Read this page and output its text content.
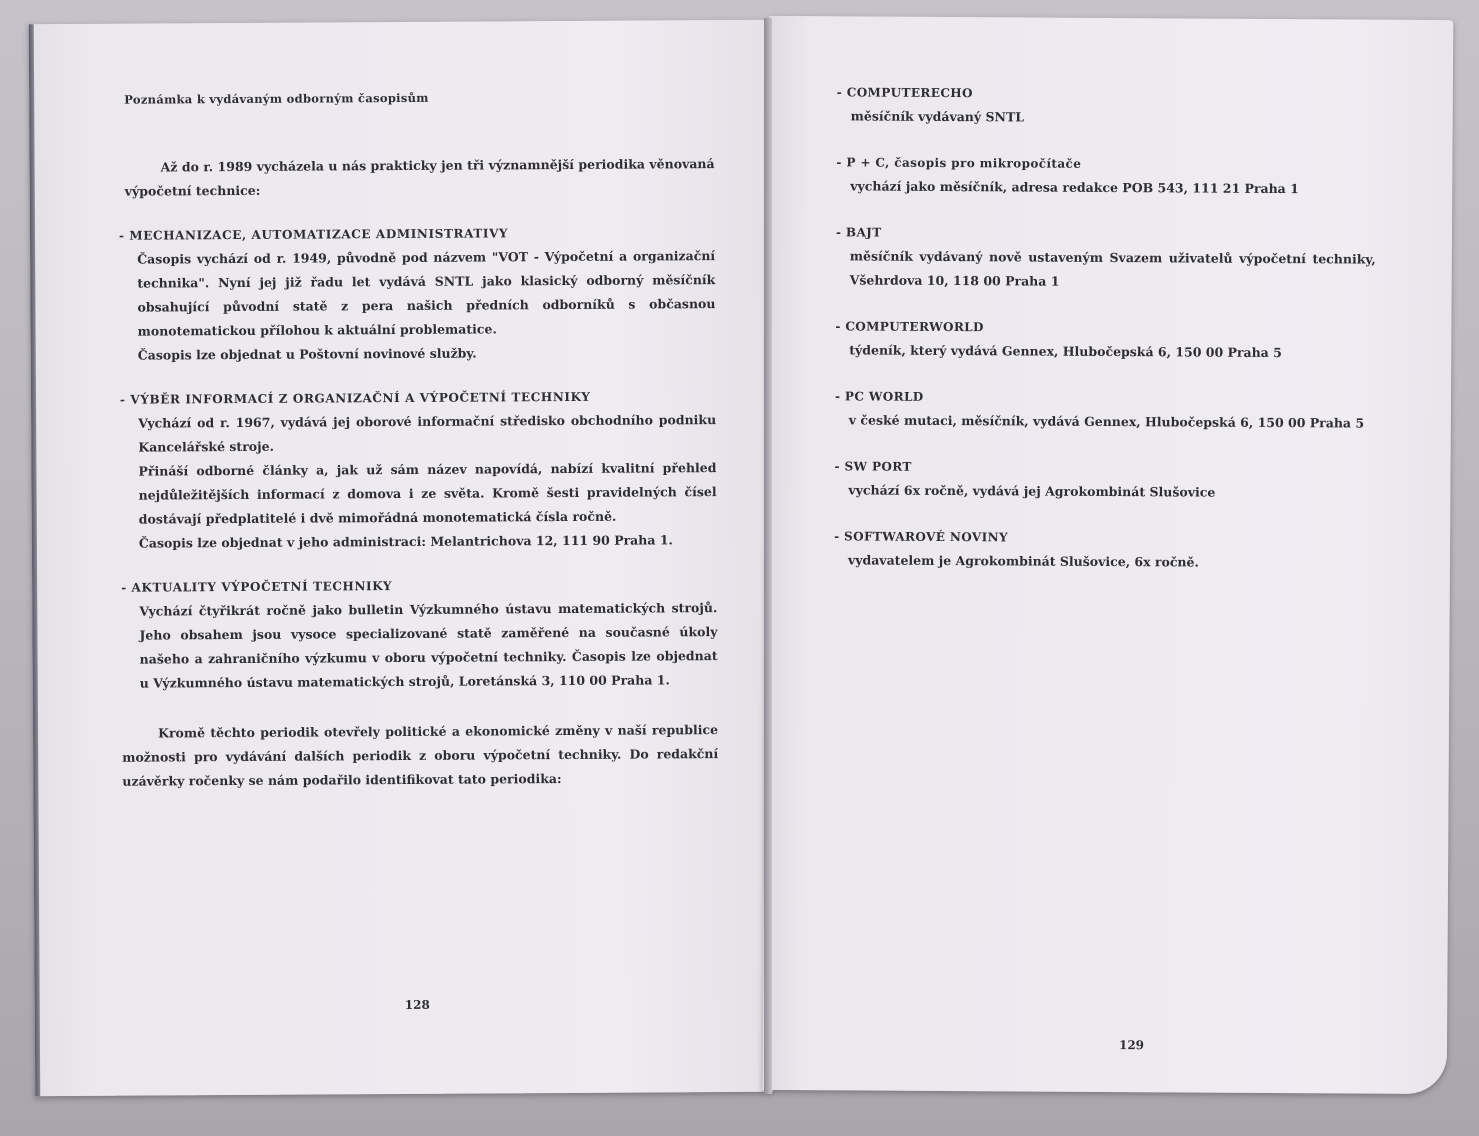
Poznámka k vydávaným odborným časopisům
Až do r. 1989 vycházela u nás prakticky jen tři významnější periodika věnovaná výpočetní technice:
- MECHANIZACE, AUTOMATIZACE ADMINISTRATIVY

Časopis vychází od r. 1949, původně pod názvem "VOT - Výpočetní a organizační technika". Nyní jej již řadu let vydává SNTL jako klasický odborný měsíčník obsahující původní statě z pera našich předních odborníků s občasnou monotematickou přílohou k aktuální problematice.

Časopis lze objednat u Poštovní novinové služby.

- VÝBĚR INFORMACÍ Z ORGANIZAČNÍ A VÝPOČETNÍ TECHNIKY

Vychází od r. 1967, vydává jej oborové informační středisko obchodního podniku Kancelářské stroje.

Přináší odborné články a, jak už sám název napovídá, nabízí kvalitní přehled nejdůležitějších informací z domova i ze světa. Kromě šesti pravidelných čísel dostávají předplatitelé i dvě mimořádná monotematická čísla ročně.

Časopis lze objednat v jeho administraci: Melantrichova 12, 111 90 Praha 1.

- AKTUALITY VÝPOČETNÍ TECHNIKY

Vychází čtyřikrát ročně jako bulletin Výzkumného ústavu matematických strojů. Jeho obsahem jsou vysoce specializované statě zaměřené na současné úkoly našeho a zahraničního výzkumu v oboru výpočetní techniky. Časopis lze objednat u Výzkumného ústavu matematických strojů, Loretánská 3, 110 00 Praha 1.

Kromě těchto periodik otevřely politické a ekonomické změny v naší republice možnosti pro vydávání dalších periodik z oboru výpočetní techniky. Do redakční uzávěrky ročenky se nám podařilo identifikovat tato periodika:
128
- COMPUTERECHO
měsíčník vydávaný SNTL
- P + C, časopis pro mikropočítače
vychází jako měsíčník, adresa redakce POB 543, 111 21 Praha 1
- BAJT
měsíčník vydávaný nově ustaveným Svazem uživatelů výpočetní techniky, Všehrdova 10, 118 00 Praha 1
- COMPUTERWORLD
týdeník, který vydává Gennex, Hlubočepská 6, 150 00 Praha 5
- PC WORLD
v české mutaci, měsíčník, vydává Gennex, Hlubočepská 6, 150 00 Praha 5
- SW PORT
vychází 6x ročně, vydává jej Agrokombinát Slušovice
- SOFTWAROVÉ NOVINY
vydavatelem je Agrokombinát Slušovice, 6x ročně.
129
